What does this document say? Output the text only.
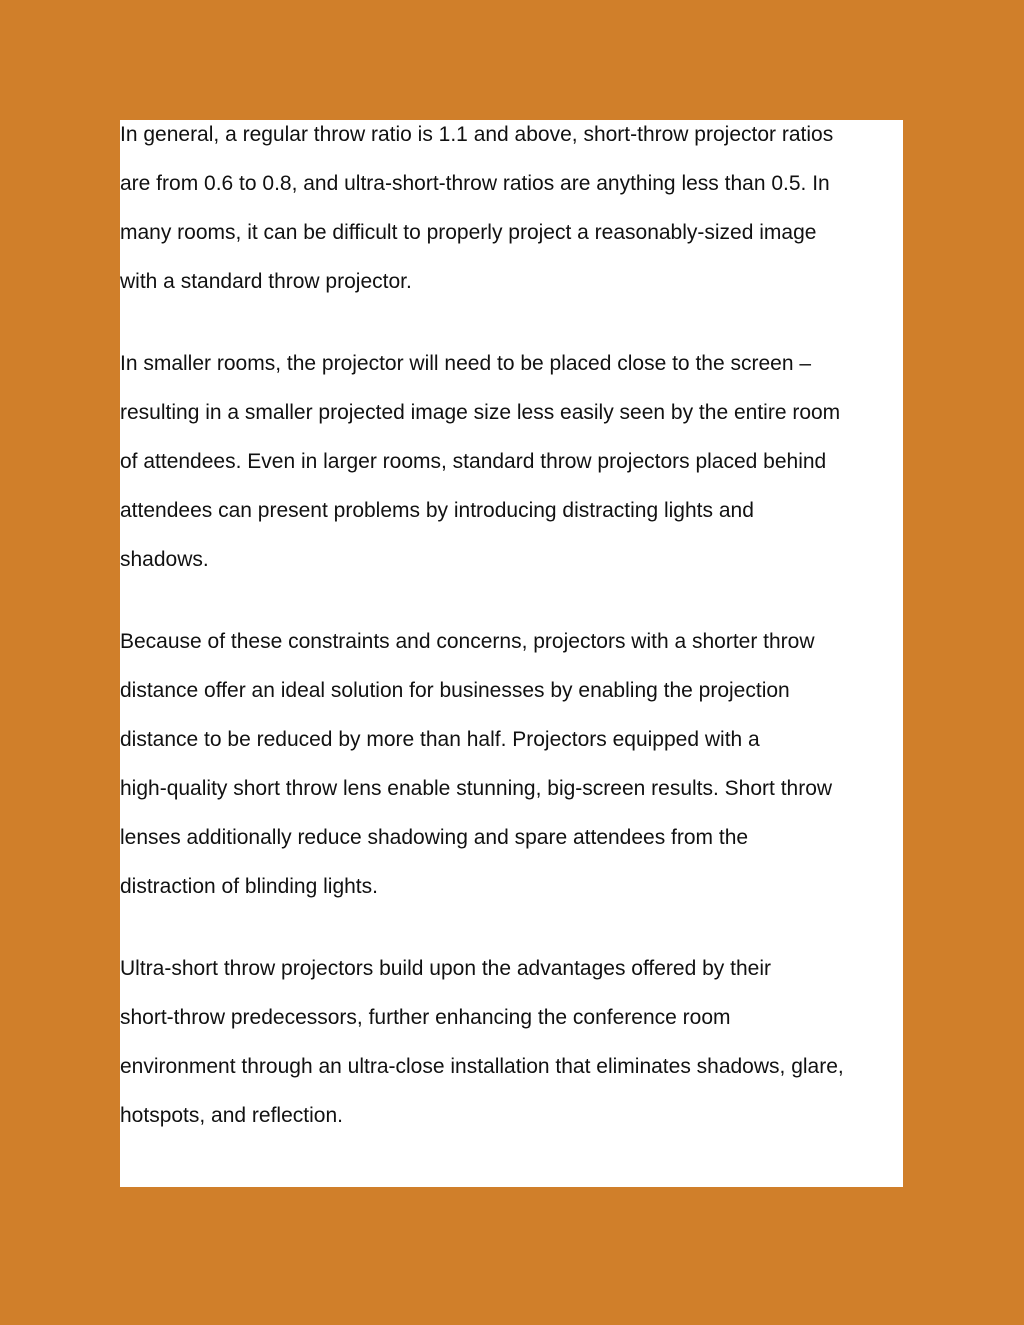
In general, a regular throw ratio is 1.1 and above, short-throw projector ratios
are from 0.6 to 0.8, and ultra-short-throw ratios are anything less than 0.5. In
many rooms, it can be difficult to properly project a reasonably-sized image
with a standard throw projector.

In smaller rooms, the projector will need to be placed close to the screen –
resulting in a smaller projected image size less easily seen by the entire room
of attendees. Even in larger rooms, standard throw projectors placed behind
attendees can present problems by introducing distracting lights and
shadows.

Because of these constraints and concerns, projectors with a shorter throw
distance offer an ideal solution for businesses by enabling the projection
distance to be reduced by more than half. Projectors equipped with a
high-quality short throw lens enable stunning, big-screen results. Short throw
lenses additionally reduce shadowing and spare attendees from the
distraction of blinding lights.

Ultra-short throw projectors build upon the advantages offered by their
short-throw predecessors, further enhancing the conference room
environment through an ultra-close installation that eliminates shadows, glare,
hotspots, and reflection.
